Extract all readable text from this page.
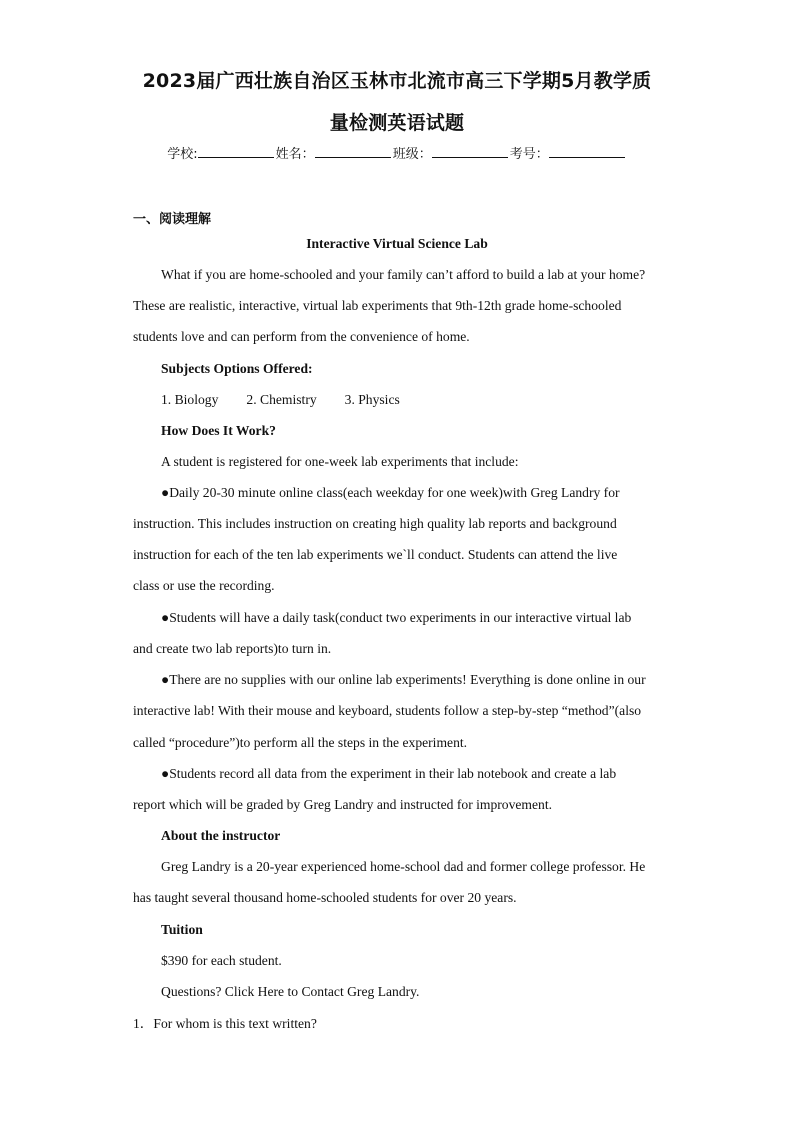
2023届广西壮族自治区玉林市北流市高三下学期5月教学质
量检测英语试题
学校:	姓名：	班级：	考号：
一、阅读理解
Interactive Virtual Science Lab
What if you are home-schooled and your family can’t afford to build a lab at your home?
These are realistic, interactive, virtual lab experiments that 9th-12th grade home-schooled
students love and can perform from the convenience of home.
Subjects Options Offered:
1. Biology 2. Chemistry 3. Physics
How Does It Work?
A student is registered for one-week lab experiments that include:
●Daily 20-30 minute online class(each weekday for one week)with Greg Landry for
instruction. This includes instruction on creating high quality lab reports and background
instruction for each of the ten lab experiments we`ll conduct. Students can attend the live
class or use the recording.
●Students will have a daily task(conduct two experiments in our interactive virtual lab
and create two lab reports)to turn in.
●There are no supplies with our online lab experiments! Everything is done online in our
interactive lab! With their mouse and keyboard, students follow a step-by-step “method”(also
called “procedure”)to perform all the steps in the experiment.
●Students record all data from the experiment in their lab notebook and create a lab
report which will be graded by Greg Landry and instructed for improvement.
About the instructor
Greg Landry is a 20-year experienced home-school dad and former college professor. He
has taught several thousand home-schooled students for over 20 years.
Tuition
$390 for each student.
Questions? Click Here to Contact Greg Landry.
1．For whom is this text written?
